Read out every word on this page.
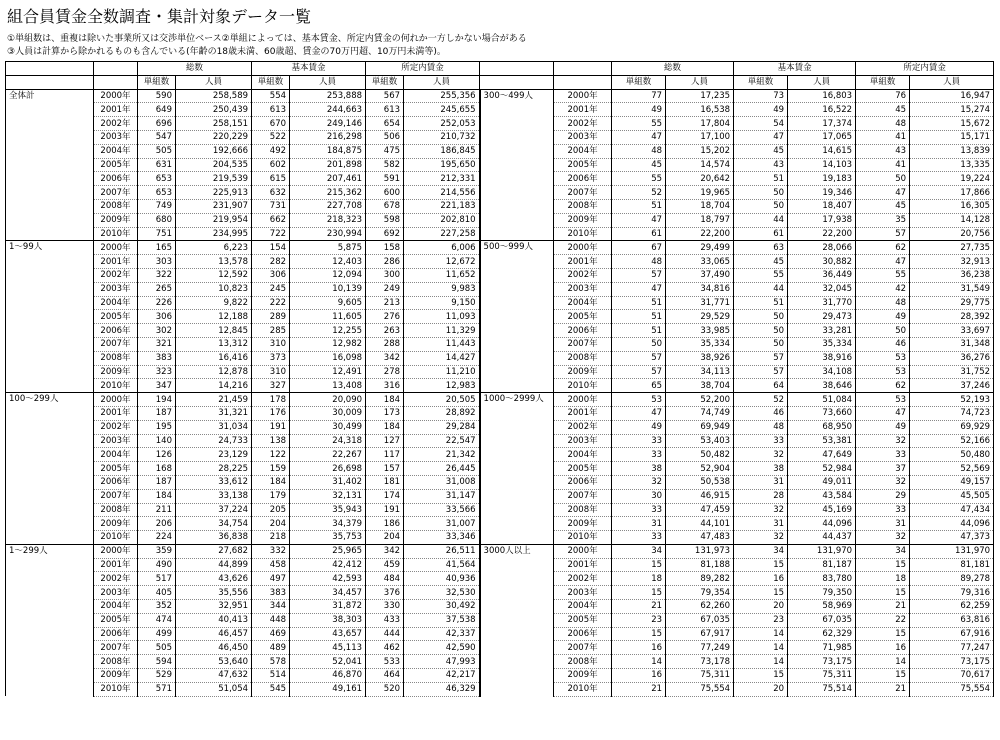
組合員賃金全数調査・集計対象データ一覧
①単組数は、重複は除いた事業所又は交渉単位ベース②単組によっては、基本賃金、所定内賃金の何れか一方しかない場合がある
③人員は計算から除かれるものも含んでいる(年齢の18歳未満、60歳超、賃金の70万円超、10万円未満等)。
		総数		基本賃金		所定内賃金				総数		基本賃金		所定内賃金	
		単組数	人員	単組数	人員	単組数	人員			単組数	人員	単組数	人員	単組数	人員
全体計	2000年	590	258,589	554	253,888	567	255,356	300～499人	2000年	77	17,235	73	16,803	76	16,947
	2001年	649	250,439	613	244,663	613	245,655		2001年	49	16,538	49	16,522	45	15,274
	2002年	696	258,151	670	249,146	654	252,053		2002年	55	17,804	54	17,374	48	15,672
	2003年	547	220,229	522	216,298	506	210,732		2003年	47	17,100	47	17,065	41	15,171
	2004年	505	192,666	492	184,875	475	186,845		2004年	48	15,202	45	14,615	43	13,839
	2005年	631	204,535	602	201,898	582	195,650		2005年	45	14,574	43	14,103	41	13,335
	2006年	653	219,539	615	207,461	591	212,331		2006年	55	20,642	51	19,183	50	19,224
	2007年	653	225,913	632	215,362	600	214,556		2007年	52	19,965	50	19,346	47	17,866
	2008年	749	231,907	731	227,708	678	221,183		2008年	51	18,704	50	18,407	45	16,305
	2009年	680	219,954	662	218,323	598	202,810		2009年	47	18,797	44	17,938	35	14,128
	2010年	751	234,995	722	230,994	692	227,258		2010年	61	22,200	61	22,200	57	20,756
1～99人	2000年	165	6,223	154	5,875	158	6,006	500～999人	2000年	67	29,499	63	28,066	62	27,735
	2001年	303	13,578	282	12,403	286	12,672		2001年	48	33,065	45	30,882	47	32,913
	2002年	322	12,592	306	12,094	300	11,652		2002年	57	37,490	55	36,449	55	36,238
	2003年	265	10,823	245	10,139	249	9,983		2003年	47	34,816	44	32,045	42	31,549
	2004年	226	9,822	222	9,605	213	9,150		2004年	51	31,771	51	31,770	48	29,775
	2005年	306	12,188	289	11,605	276	11,093		2005年	51	29,529	50	29,473	49	28,392
	2006年	302	12,845	285	12,255	263	11,329		2006年	51	33,985	50	33,281	50	33,697
	2007年	321	13,312	310	12,982	288	11,443		2007年	50	35,334	50	35,334	46	31,348
	2008年	383	16,416	373	16,098	342	14,427		2008年	57	38,926	57	38,916	53	36,276
	2009年	323	12,878	310	12,491	278	11,210		2009年	57	34,113	57	34,108	53	31,752
	2010年	347	14,216	327	13,408	316	12,983		2010年	65	38,704	64	38,646	62	37,246
100～299人	2000年	194	21,459	178	20,090	184	20,505	1000～2999人	2000年	53	52,200	52	51,084	53	52,193
	2001年	187	31,321	176	30,009	173	28,892		2001年	47	74,749	46	73,660	47	74,723
	2002年	195	31,034	191	30,499	184	29,284		2002年	49	69,949	48	68,950	49	69,929
	2003年	140	24,733	138	24,318	127	22,547		2003年	33	53,403	33	53,381	32	52,166
	2004年	126	23,129	122	22,267	117	21,342		2004年	33	50,482	32	47,649	33	50,480
	2005年	168	28,225	159	26,698	157	26,445		2005年	38	52,904	38	52,984	37	52,569
	2006年	187	33,612	184	31,402	181	31,008		2006年	32	50,538	31	49,011	32	49,157
	2007年	184	33,138	179	32,131	174	31,147		2007年	30	46,915	28	43,584	29	45,505
	2008年	211	37,224	205	35,943	191	33,566		2008年	33	47,459	32	45,169	33	47,434
	2009年	206	34,754	204	34,379	186	31,007		2009年	31	44,101	31	44,096	31	44,096
	2010年	224	36,838	218	35,753	204	33,346		2010年	33	47,483	32	44,437	32	47,373
1～299人	2000年	359	27,682	332	25,965	342	26,511	3000人以上	2000年	34	131,973	34	131,970	34	131,970
	2001年	490	44,899	458	42,412	459	41,564		2001年	15	81,188	15	81,187	15	81,181
	2002年	517	43,626	497	42,593	484	40,936		2002年	18	89,282	16	83,780	18	89,278
	2003年	405	35,556	383	34,457	376	32,530		2003年	15	79,354	15	79,350	15	79,316
	2004年	352	32,951	344	31,872	330	30,492		2004年	21	62,260	20	58,969	21	62,259
	2005年	474	40,413	448	38,303	433	37,538		2005年	23	67,035	23	67,035	22	63,816
	2006年	499	46,457	469	43,657	444	42,337		2006年	15	67,917	14	62,329	15	67,916
	2007年	505	46,450	489	45,113	462	42,590		2007年	16	77,249	14	71,985	16	77,247
	2008年	594	53,640	578	52,041	533	47,993		2008年	14	73,178	14	73,175	14	73,175
	2009年	529	47,632	514	46,870	464	42,217		2009年	16	75,311	15	75,311	15	70,617
	2010年	571	51,054	545	49,161	520	46,329		2010年	21	75,554	20	75,514	21	75,554
